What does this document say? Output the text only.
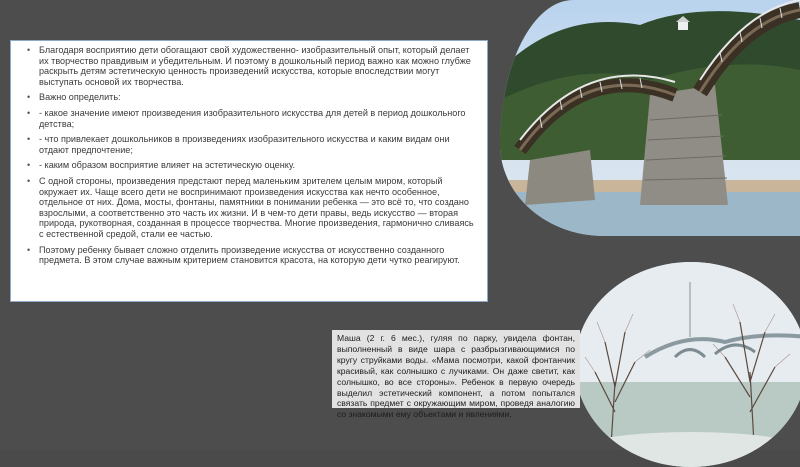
• Благодаря восприятию дети обогащают свой художественно- изобразительный опыт, который делает их творчество правдивым и убедительным. И поэтому в дошкольный период важно как можно глубже раскрыть детям эстетическую ценность произведений искусства, которые впоследствии могут выступать основой их творчества.
• Важно определить:
• - какое значение имеют произведения изобразительного искусства для детей в период дошкольного детства;
• - что привлекает дошкольников в произведениях изобразительного искусства и каким видам они отдают предпочтение;
• - каким образом восприятие влияет на эстетическую оценку.
• С одной стороны, произведения предстают перед маленьким зрителем целым миром, который окружает их. Чаще всего дети не воспринимают произведения искусства как нечто особенное, отдельное от них. Дома, мосты, фонтаны, памятники в понимании ребенка — это всё то, что создано взрослыми, а соответственно это часть их жизни. И в чем-то дети правы, ведь искусство — вторая природа, рукотворная, созданная в процессе творчества. Многие произведения, гармонично сливаясь с естественной средой, стали ее частью.
• Поэтому ребенку бывает сложно отделить произведение искусства от искусственно созданного предмета. В этом случае важным критерием становится красота, на которую дети чутко реагируют.

Маша (2 г. 6 мес.), гуляя по парку, увидела фонтан, выполненный в виде шара с разбрызгивающимися по кругу струйками воды. «Мама посмотри, какой фонтанчик красивый, как солнышко с лучиками. Он даже светит, как солнышко, во все стороны». Ребенок в первую очередь выделил эстетический компонент, а потом попытался связать предмет с окружающим миром, проведя аналогию со знакомыми ему объектами и явлениями.
